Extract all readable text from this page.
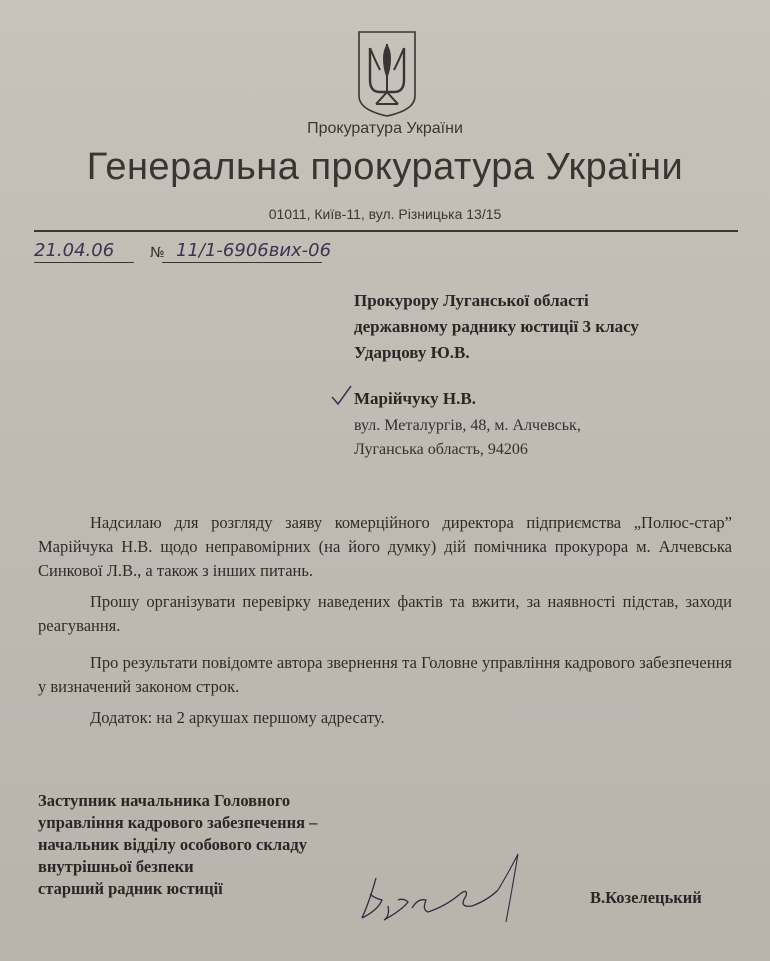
Прокуратура України
Генеральна прокуратура України
01011, Київ-11, вул. Різницька 13/15
21.04.06	№ 11/1-6906вих-06
Прокурору Луганської області
державному раднику юстиції 3 класу
Ударцову Ю.В.
Марійчуку Н.В.
вул. Металургів, 48, м. Алчевськ,
Луганська область, 94206
Надсилаю для розгляду заяву комерційного директора підприємства „Полюс-стар” Марійчука Н.В. щодо неправомірних (на його думку) дій помічника прокурора м. Алчевська Синкової Л.В., а також з інших питань.
Прошу організувати перевірку наведених фактів та вжити, за наявності підстав, заходи реагування.
Про результати повідомте автора звернення та Головне управління кадрового забезпечення у визначений законом строк.
Додаток: на 2 аркушах першому адресату.
Заступник начальника Головного
управління кадрового забезпечення –
начальник відділу особового складу
внутрішньої безпеки
старший радник юстиції	В.Козелецький
